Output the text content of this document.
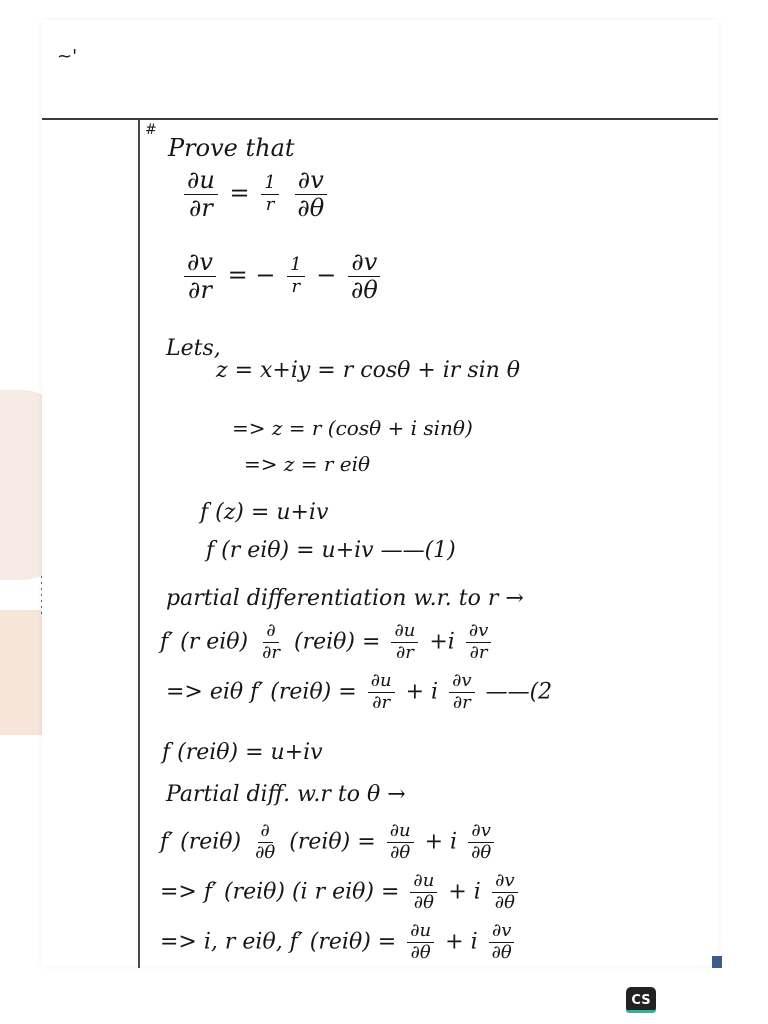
~'
#
Prove that
$\frac{\partial u}{\partial r} = \frac{1}{r}$
$\frac{\partial v}{\partial\theta}$
$\frac{\partial v}{\partial r}$ = − $\frac{1}{r} - \frac{\partial v}{\partial\theta}$
Lets,
z = x+iy = r cosθ + ir sin θ
=> z = r (cosθ + i sinθ)
=> z = r eiθ
f (z) = u+iv
f (r eiθ) = u+iv ——(1)
partial differentiation w.r. to r →
f′ (r $ei\theta) \frac{\partial}{\partial r} (rei\theta) = \frac{\partial u}{\partial r} +i \frac{\partial v}{\partial r}$
=> eiθ f′ $(rei\theta) = \frac{\partial u}{\partial r} + i \frac{\partial v}{\partial r}$ ——(2
f (reiθ) = u+iv
Partial diff. w.r to θ →
f′ $(rei\theta) \frac{\partial}{\partial\theta} (rei\theta) = \frac{\partial u}{\partial\theta} + i \frac{\partial v}{\partial\theta}$
=> f′ (reiθ) (i r $ei\theta) = \frac{\partial u}{\partial\theta} + i \frac{\partial v}{\partial\theta}$
=> i, r eiθ, f′ $(rei\theta) = \frac{\partial u}{\partial\theta} + i \frac{\partial v}{\partial\theta}$
CS
